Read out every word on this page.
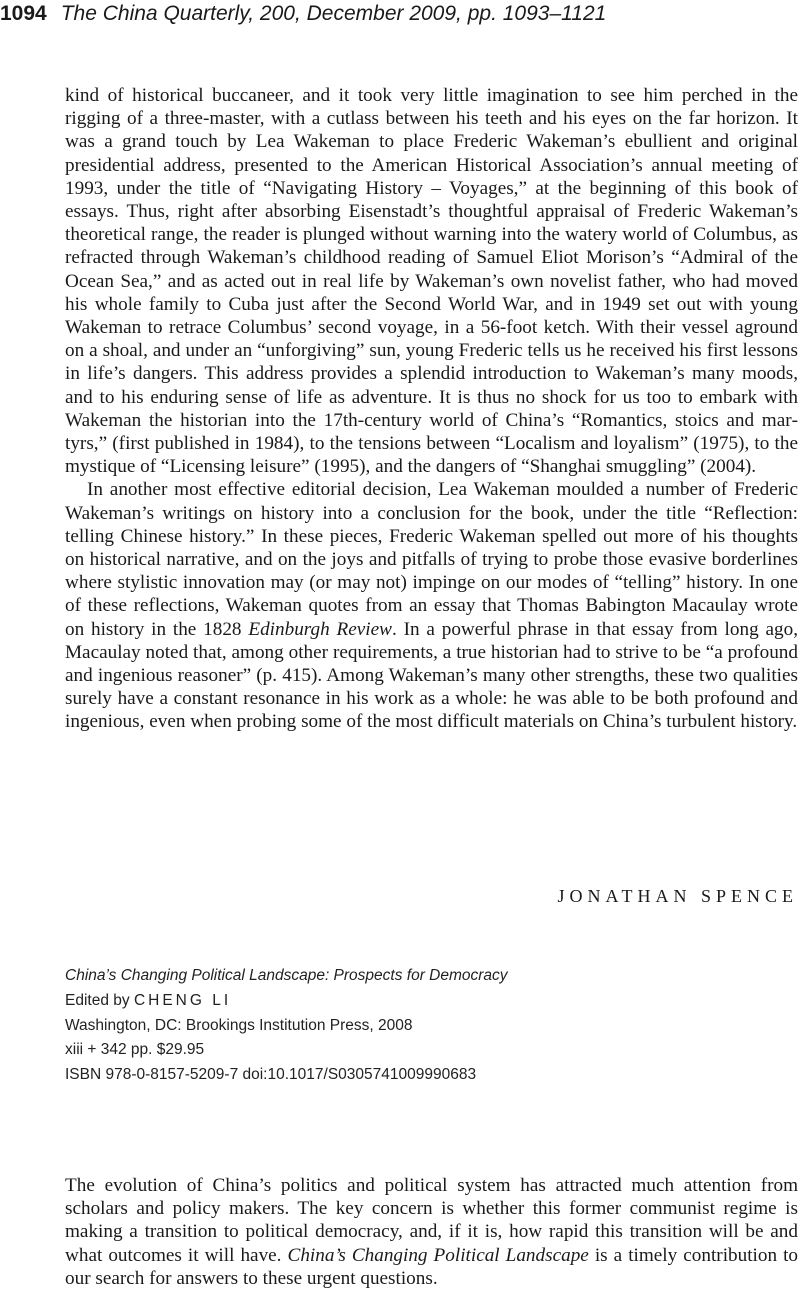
1094 The China Quarterly, 200, December 2009, pp. 1093–1121

kind of historical buccaneer, and it took very little imagination to see him perched in the rigging of a three-master, with a cutlass between his teeth and his eyes on the far horizon. It was a grand touch by Lea Wakeman to place Frederic Wakeman’s ebullient and original presidential address, presented to the American Historical Association’s annual meeting of 1993, under the title of “Navigating History – Voyages,” at the beginning of this book of essays. Thus, right after absorbing Eisenstadt’s thoughtful appraisal of Frederic Wakeman’s theoretical range, the reader is plunged without warning into the watery world of Columbus, as refracted through Wakeman’s childhood reading of Samuel Eliot Morison’s “Admiral of the Ocean Sea,” and as acted out in real life by Wakeman’s own novelist father, who had moved his whole family to Cuba just after the Second World War, and in 1949 set out with young Wakeman to retrace Columbus’ second voyage, in a 56-foot ketch. With their vessel aground on a shoal, and under an “unforgiving” sun, young Frederic tells us he received his first lessons in life’s dangers. This address provides a splendid introduction to Wakeman’s many moods, and to his enduring sense of life as adventure. It is thus no shock for us too to embark with Wakeman the historian into the 17th-century world of China’s “Romantics, stoics and martyrs,” (first published in 1984), to the tensions between “Localism and loyalism” (1975), to the mystique of “Licensing leisure” (1995), and the dangers of “Shanghai smuggling” (2004).

In another most effective editorial decision, Lea Wakeman moulded a number of Frederic Wakeman’s writings on history into a conclusion for the book, under the title “Reflection: telling Chinese history.” In these pieces, Frederic Wakeman spelled out more of his thoughts on historical narrative, and on the joys and pitfalls of trying to probe those evasive borderlines where stylistic innovation may (or may not) impinge on our modes of “telling” history. In one of these reflections, Wakeman quotes from an essay that Thomas Babington Macaulay wrote on history in the 1828 Edinburgh Review. In a powerful phrase in that essay from long ago, Macaulay noted that, among other requirements, a true historian had to strive to be “a profound and ingenious reasoner” (p. 415). Among Wakeman’s many other strengths, these two qualities surely have a constant resonance in his work as a whole: he was able to be both profound and ingenious, even when probing some of the most difficult materials on China’s turbulent history.

JONATHAN SPENCE
China’s Changing Political Landscape: Prospects for Democracy
Edited by CHENG LI
Washington, DC: Brookings Institution Press, 2008
xiii + 342 pp. $29.95
ISBN 978-0-8157-5209-7 doi:10.1017/S0305741009990683

The evolution of China’s politics and political system has attracted much attention from scholars and policy makers. The key concern is whether this former communist regime is making a transition to political democracy, and, if it is, how rapid this transition will be and what outcomes it will have. China’s Changing Political Landscape is a timely contribution to our search for answers to these urgent questions.
